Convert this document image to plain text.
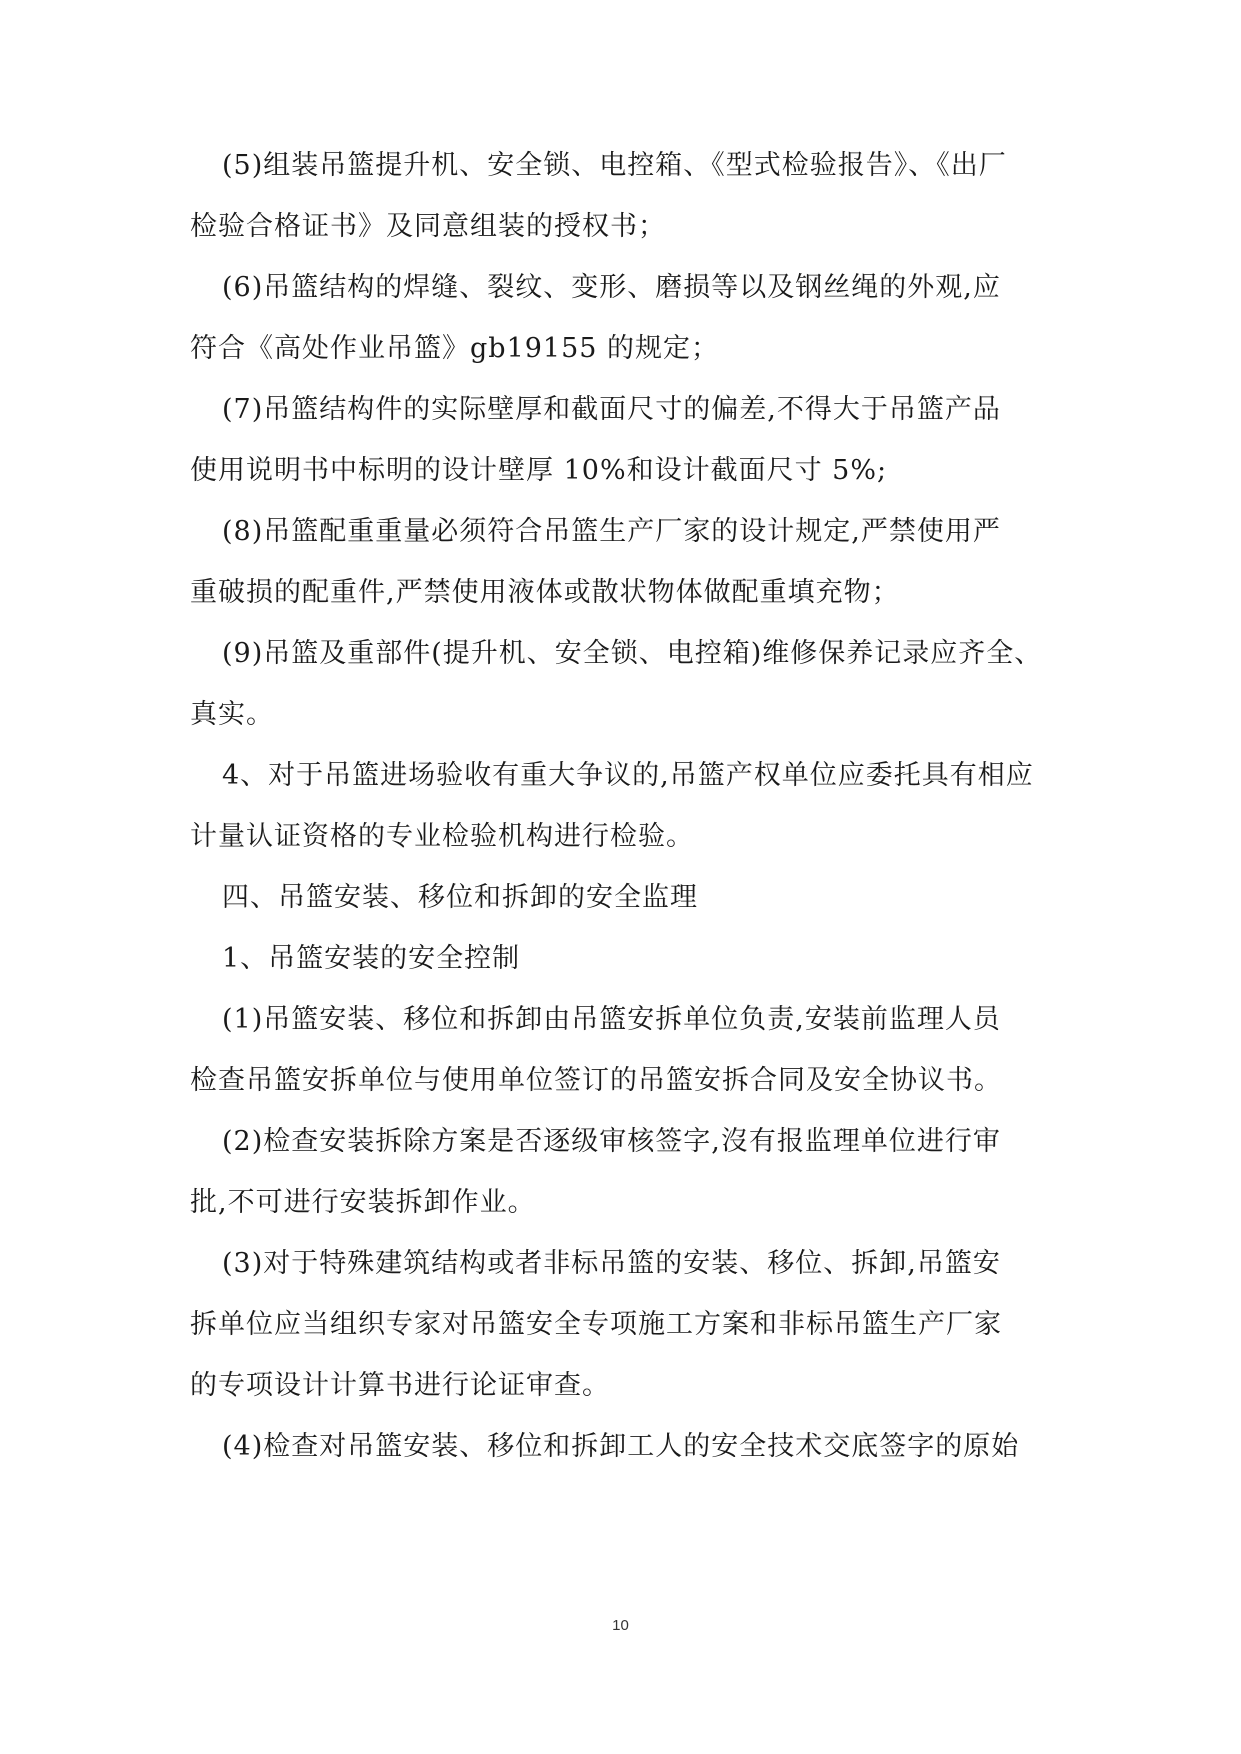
(5)组装吊篮提升机、安全锁、电控箱、《型式检验报告》、《出厂
检验合格证书》及同意组装的授权书；
(6)吊篮结构的焊缝、裂纹、变形、磨损等以及钢丝绳的外观,应
符合《高处作业吊篮》gb19155 的规定；
(7)吊篮结构件的实际壁厚和截面尺寸的偏差,不得大于吊篮产品
使用说明书中标明的设计壁厚 10%和设计截面尺寸 5%;
(8)吊篮配重重量必须符合吊篮生产厂家的设计规定,严禁使用严
重破损的配重件,严禁使用液体或散状物体做配重填充物；
(9)吊篮及重部件(提升机、安全锁、电控箱)维修保养记录应齐全、
真实。
4、对于吊篮进场验收有重大争议的,吊篮产权单位应委托具有相应
计量认证资格的专业检验机构进行检验。
四、吊篮安装、移位和拆卸的安全监理
1、吊篮安装的安全控制
(1)吊篮安装、移位和拆卸由吊篮安拆单位负责,安装前监理人员
检查吊篮安拆单位与使用单位签订的吊篮安拆合同及安全协议书。
(2)检查安装拆除方案是否逐级审核签字,沒有报监理单位进行审
批,不可进行安装拆卸作业。
(3)对于特殊建筑结构或者非标吊篮的安装、移位、拆卸,吊篮安
拆单位应当组织专家对吊篮安全专项施工方案和非标吊篮生产厂家
的专项设计计算书进行论证审查。
(4)检查对吊篮安装、移位和拆卸工人的安全技术交底签字的原始
10
